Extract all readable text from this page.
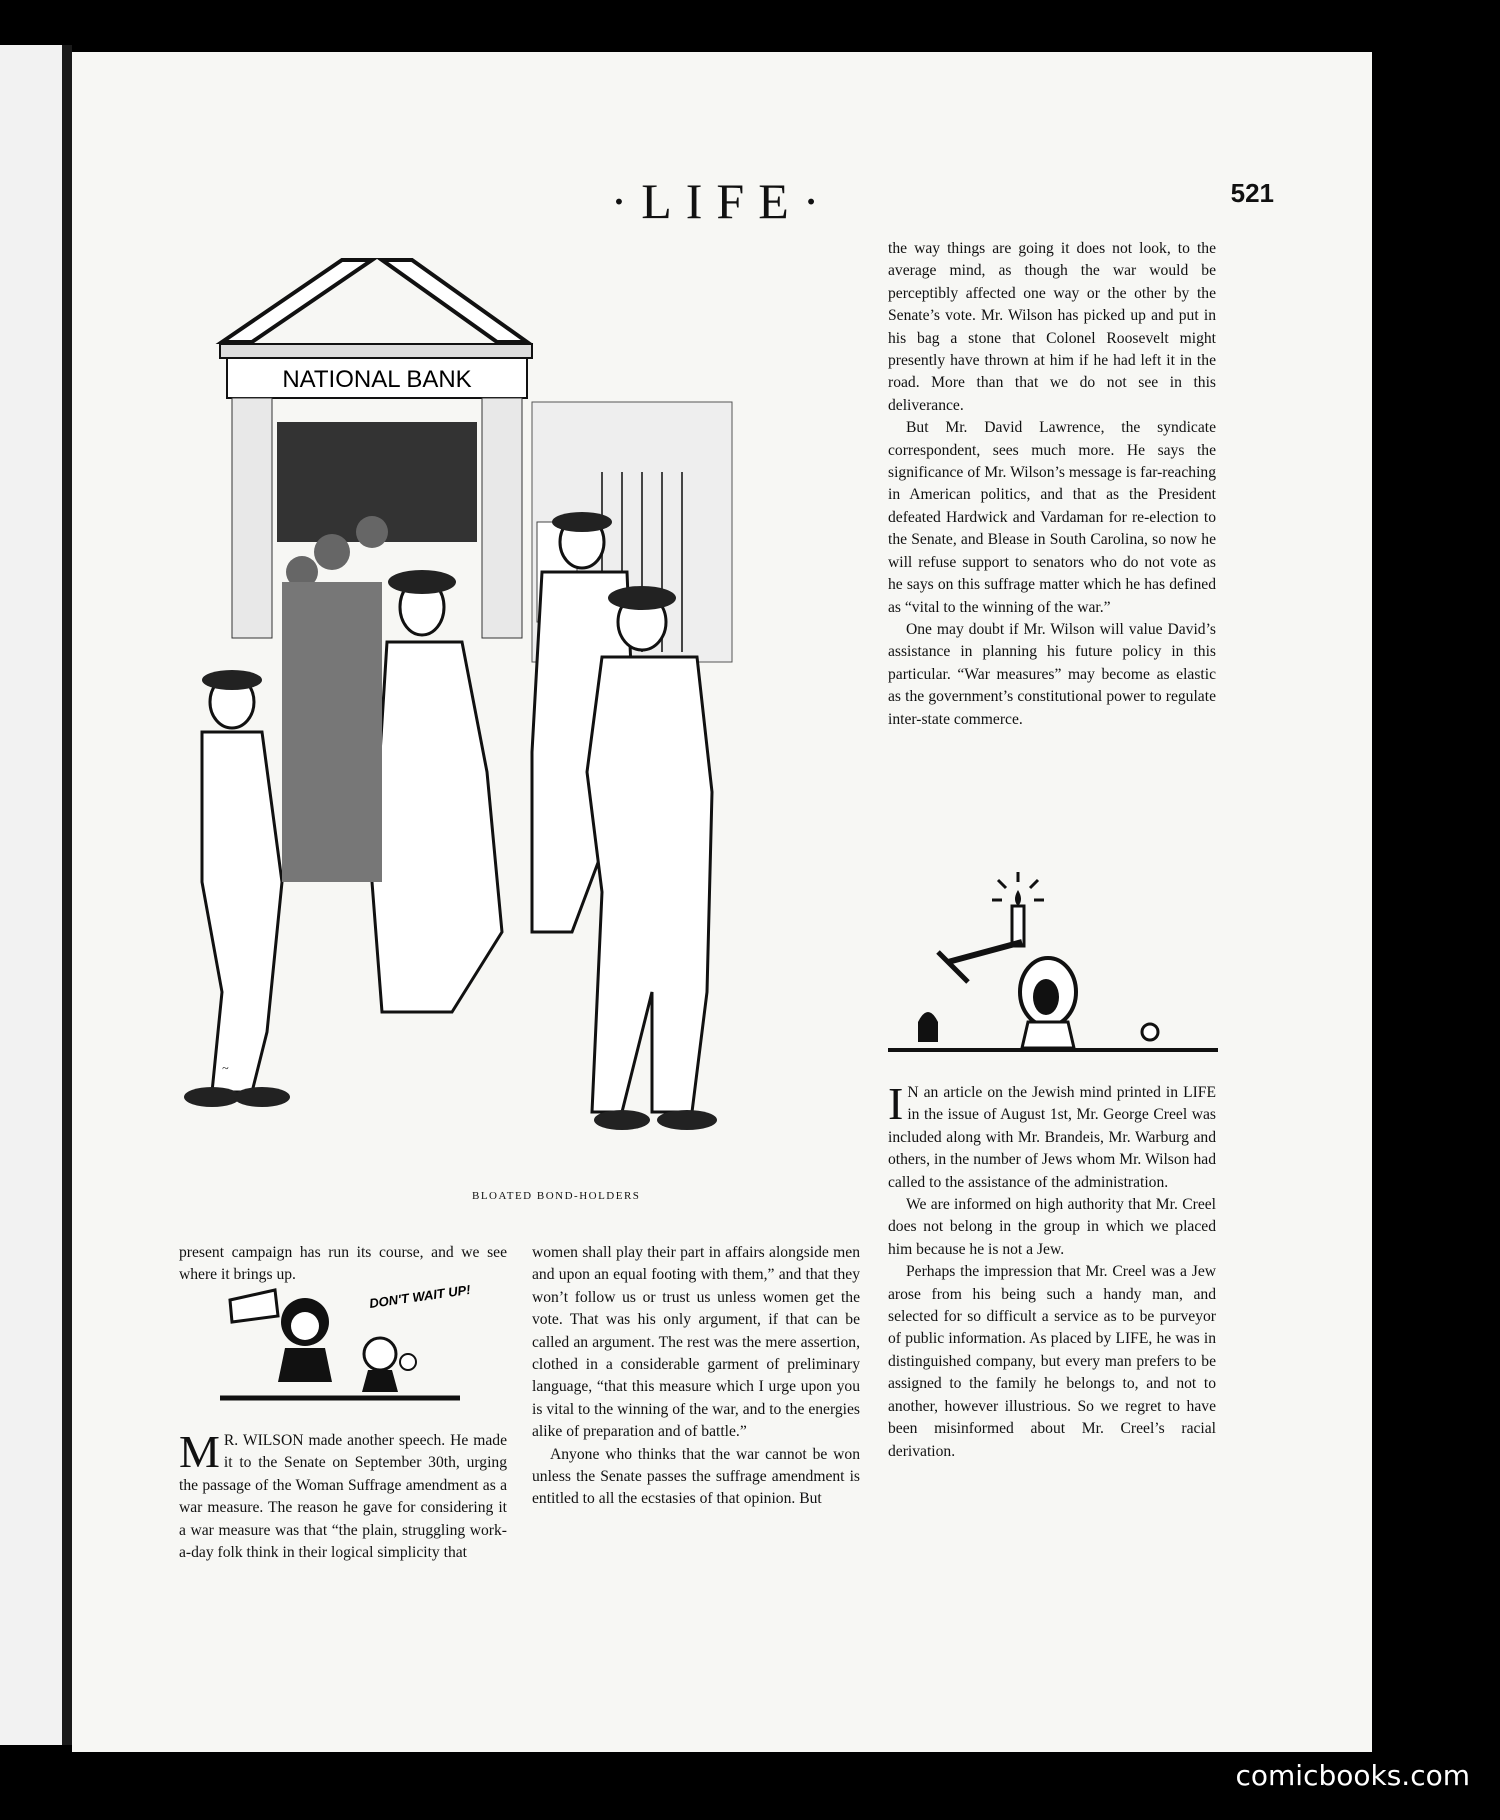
·LIFE·	521
NATIONAL BANK
~
BLOATED BOND-HOLDERS

the way things are going it does not look, to the average mind, as though the war would be perceptibly affected one way or the other by the Senate’s vote. Mr. Wilson has picked up and put in his bag a stone that Colonel Roosevelt might presently have thrown at him if he had left it in the road. More than that we do not see in this deliverance.

But Mr. David Lawrence, the syndicate correspondent, sees much more. He says the significance of Mr. Wilson’s message is far-reaching in American politics, and that as the President defeated Hardwick and Vardaman for re-election to the Senate, and Blease in South Carolina, so now he will refuse support to senators who do not vote as he says on this suffrage matter which he has defined as “vital to the winning of the war.”

One may doubt if Mr. Wilson will value David’s assistance in planning his future policy in this particular. “War measures” may become as elastic as the government’s constitutional power to regulate inter-state commerce.

I N an article on the Jewish mind printed in LIFE in the issue of August 1st, Mr. George Creel was included along with Mr. Brandeis, Mr. Warburg and others, in the number of Jews whom Mr. Wilson had called to the assistance of the administration.

We are informed on high authority that Mr. Creel does not belong in the group in which we placed him because he is not a Jew.

Perhaps the impression that Mr. Creel was a Jew arose from his being such a handy man, and selected for so difficult a service as to be purveyor of public information. As placed by LIFE, he was in distinguished company, but every man prefers to be assigned to the family he belongs to, and not to another, however illustrious. So we regret to have been misinformed about Mr. Creel’s racial derivation.

present campaign has run its course, and we see where it brings up.

DON'T WAIT UP!

M R. WILSON made another speech. He made it to the Senate on September 30th, urging the passage of the Woman Suffrage amendment as a war measure. The reason he gave for considering it a war measure was that “the plain, struggling work-a-day folk think in their logical simplicity that

women shall play their part in affairs alongside men and upon an equal footing with them,” and that they won’t follow us or trust us unless women get the vote. That was his only argument, if that can be called an argument. The rest was the mere assertion, clothed in a considerable garment of preliminary language, “that this measure which I urge upon you is vital to the winning of the war, and to the energies alike of preparation and of battle.”

Anyone who thinks that the war cannot be won unless the Senate passes the suffrage amendment is entitled to all the ecstasies of that opinion. But

comicbooks.com
